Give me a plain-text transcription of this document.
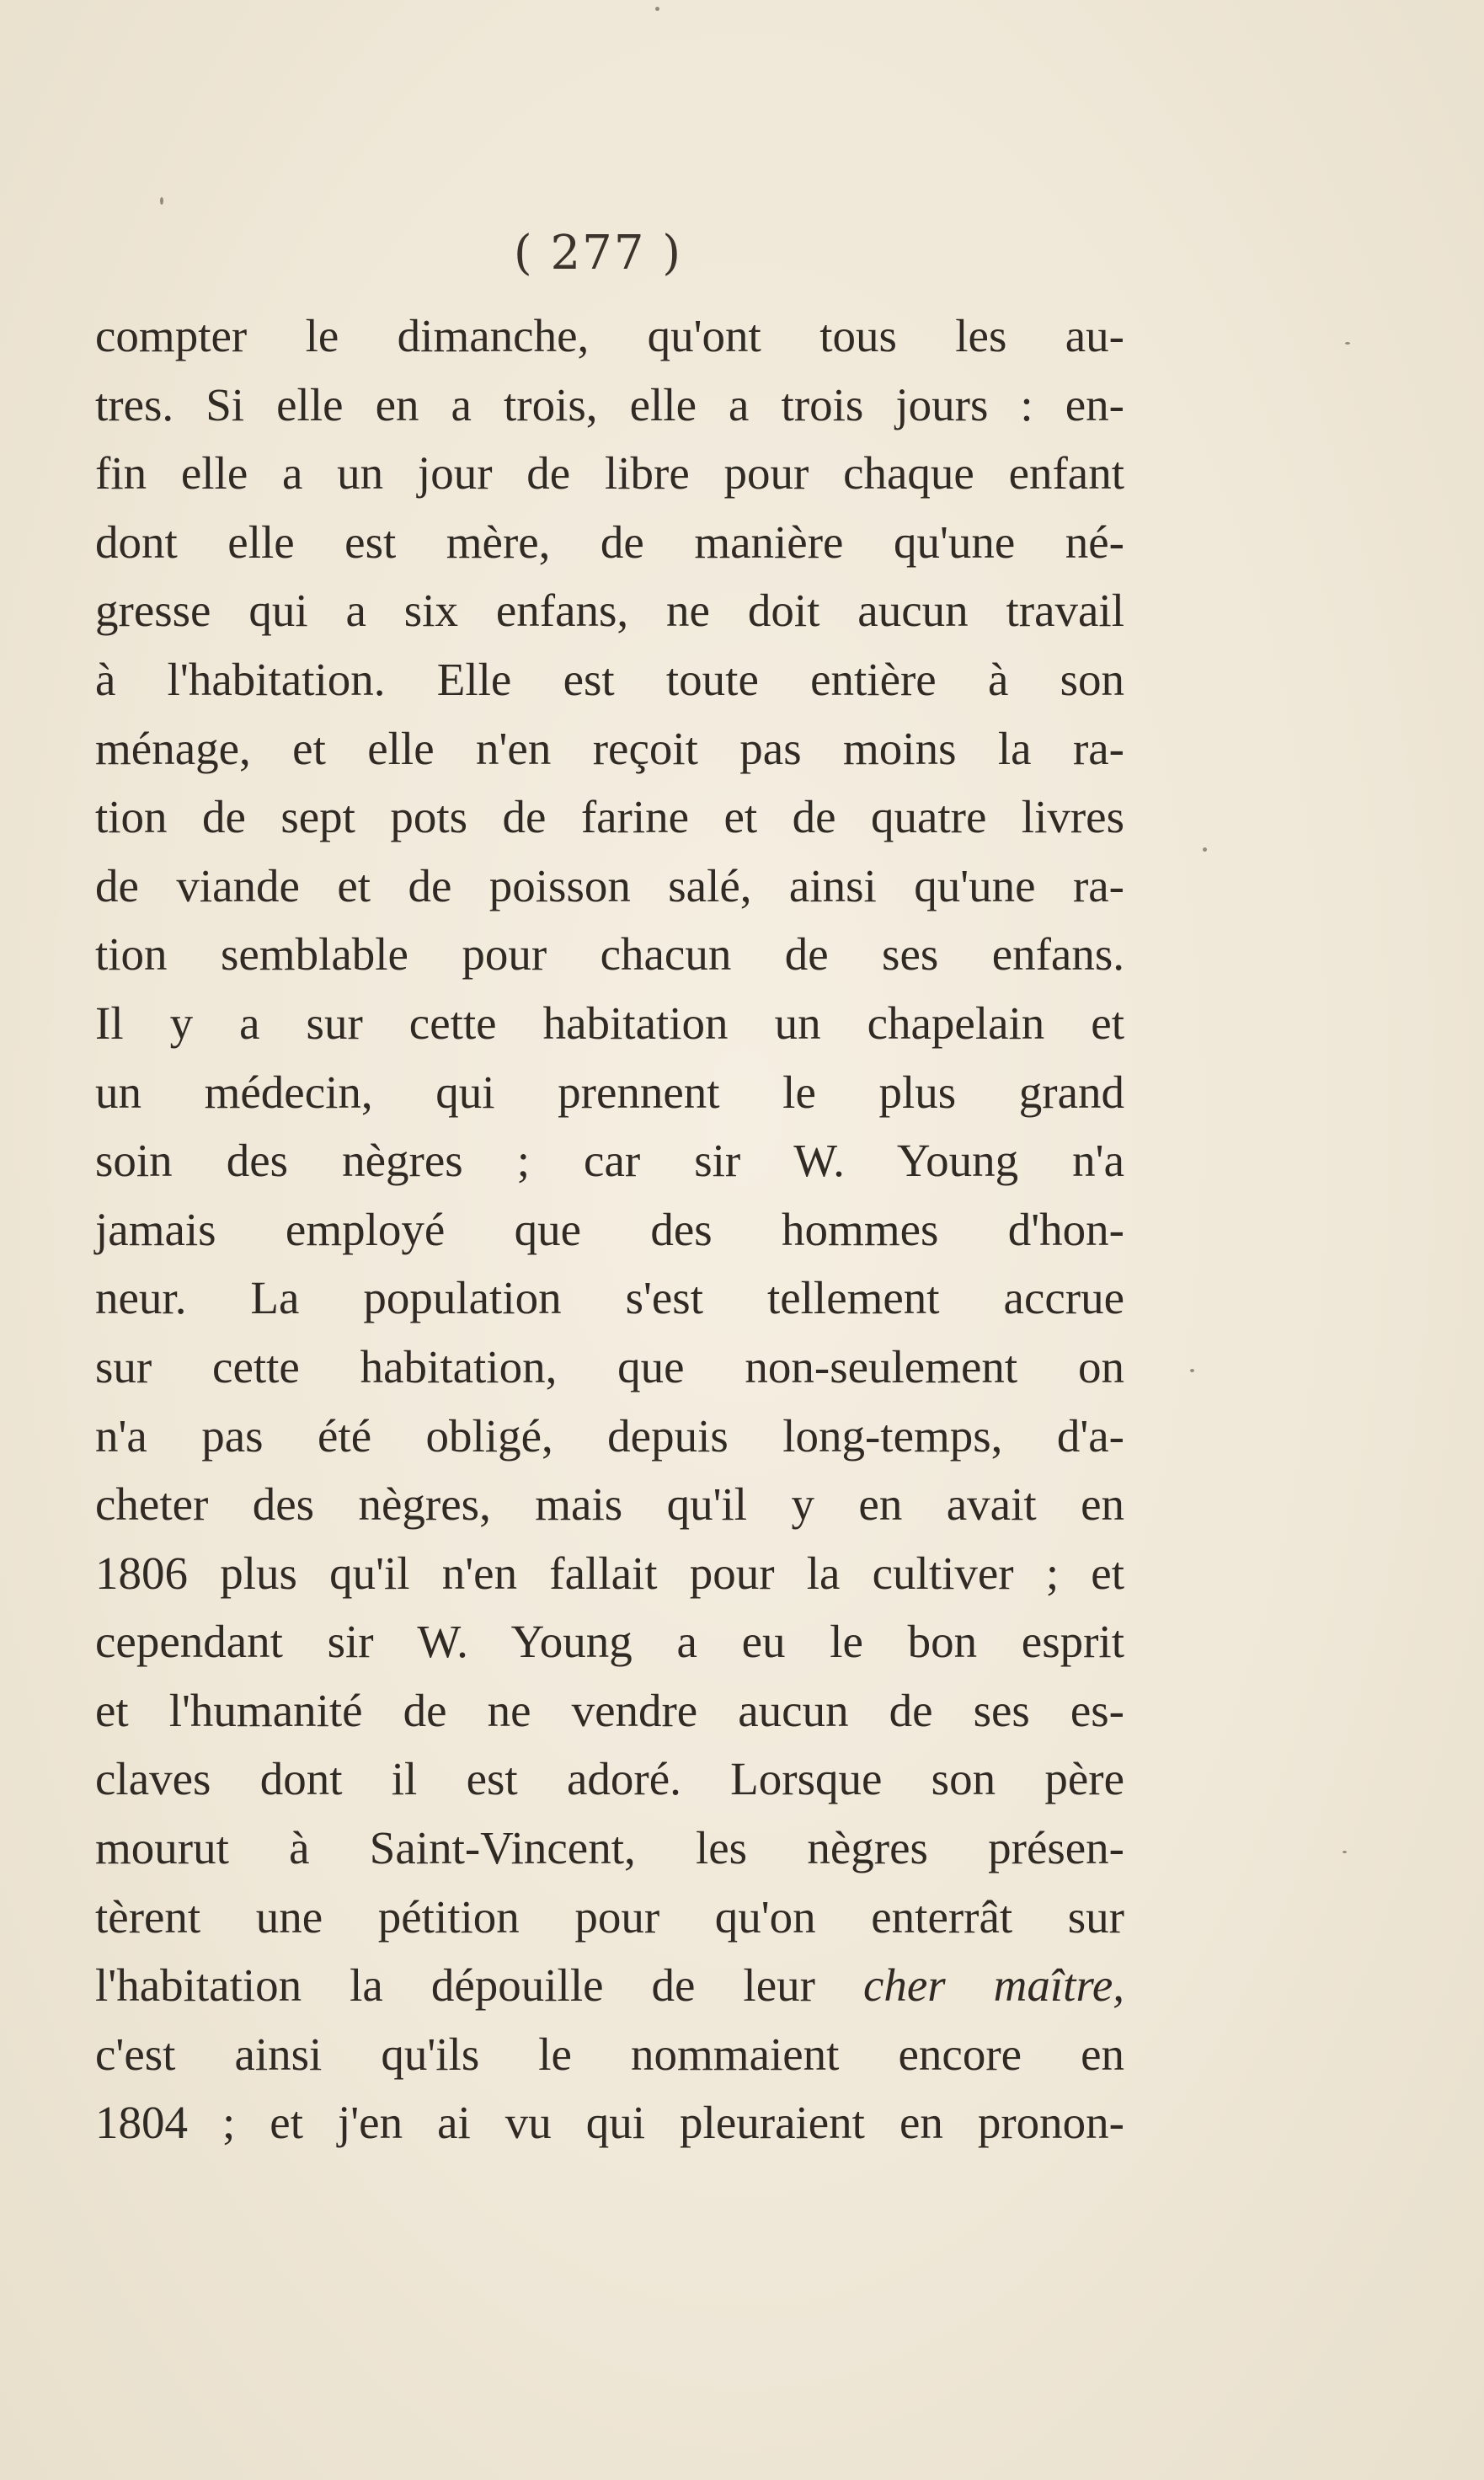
( 277 )
compter le dimanche, qu'ont tous les au-
tres. Si elle en a trois, elle a trois jours : en-
fin elle a un jour de libre pour chaque enfant
dont elle est mère, de manière qu'une né-
gresse qui a six enfans, ne doit aucun travail
à l'habitation. Elle est toute entière à son
ménage, et elle n'en reçoit pas moins la ra-
tion de sept pots de farine et de quatre livres
de viande et de poisson salé, ainsi qu'une ra-
tion semblable pour chacun de ses enfans.
Il y a sur cette habitation un chapelain et
un médecin, qui prennent le plus grand
soin des nègres ; car sir W. Young n'a
jamais employé que des hommes d'hon-
neur. La population s'est tellement accrue
sur cette habitation, que non-seulement on
n'a pas été obligé, depuis long-temps, d'a-
cheter des nègres, mais qu'il y en avait en
1806 plus qu'il n'en fallait pour la cultiver ; et
cependant sir W. Young a eu le bon esprit
et l'humanité de ne vendre aucun de ses es-
claves dont il est adoré. Lorsque son père
mourut à Saint-Vincent, les nègres présen-
tèrent une pétition pour qu'on enterrât sur
l'habitation la dépouille de leur cher maître,
c'est ainsi qu'ils le nommaient encore en
1804 ; et j'en ai vu qui pleuraient en pronon-
